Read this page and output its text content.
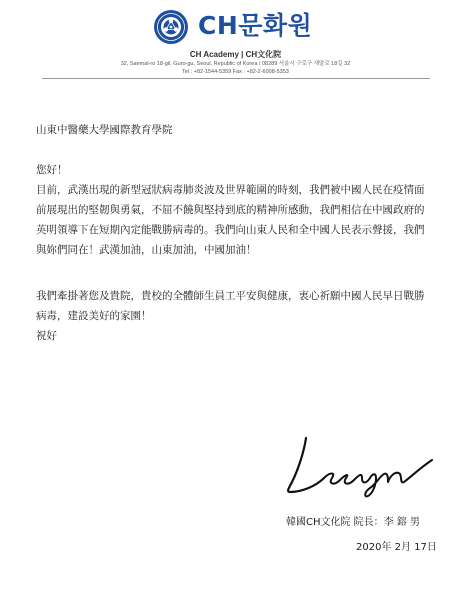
CH문화원
CH Academy | CH文化院
32, Saemal-ro 18-gil, Guro-gu, Seoul, Republic of Korea / 08289 서울시 구로구 새말로 18길 32
Tel : +82-1544-5359 Fax : +82-2-6008-5353
山東中醫藥大學國際教育學院
您好！
目前，武漢出現的新型冠狀病毒肺炎波及世界範圍的時刻，我們被中國人民在疫情面
前展現出的堅韌與勇氣，不屈不饒與堅持到底的精神所感動，我們相信在中國政府的
英明領導下在短期內定能戰勝病毒的。我們向山東人民和全中國人民表示聲援，我們
與妳們同在！武漢加油，山東加油，中國加油！
我們牽掛著您及貴院，貴校的全體師生員工平安與健康，衷心祈願中國人民早日戰勝
病毒，建設美好的家園！
祝好
韓國CH文化院 院長：李 鎔 男
2020年 2月 17日
